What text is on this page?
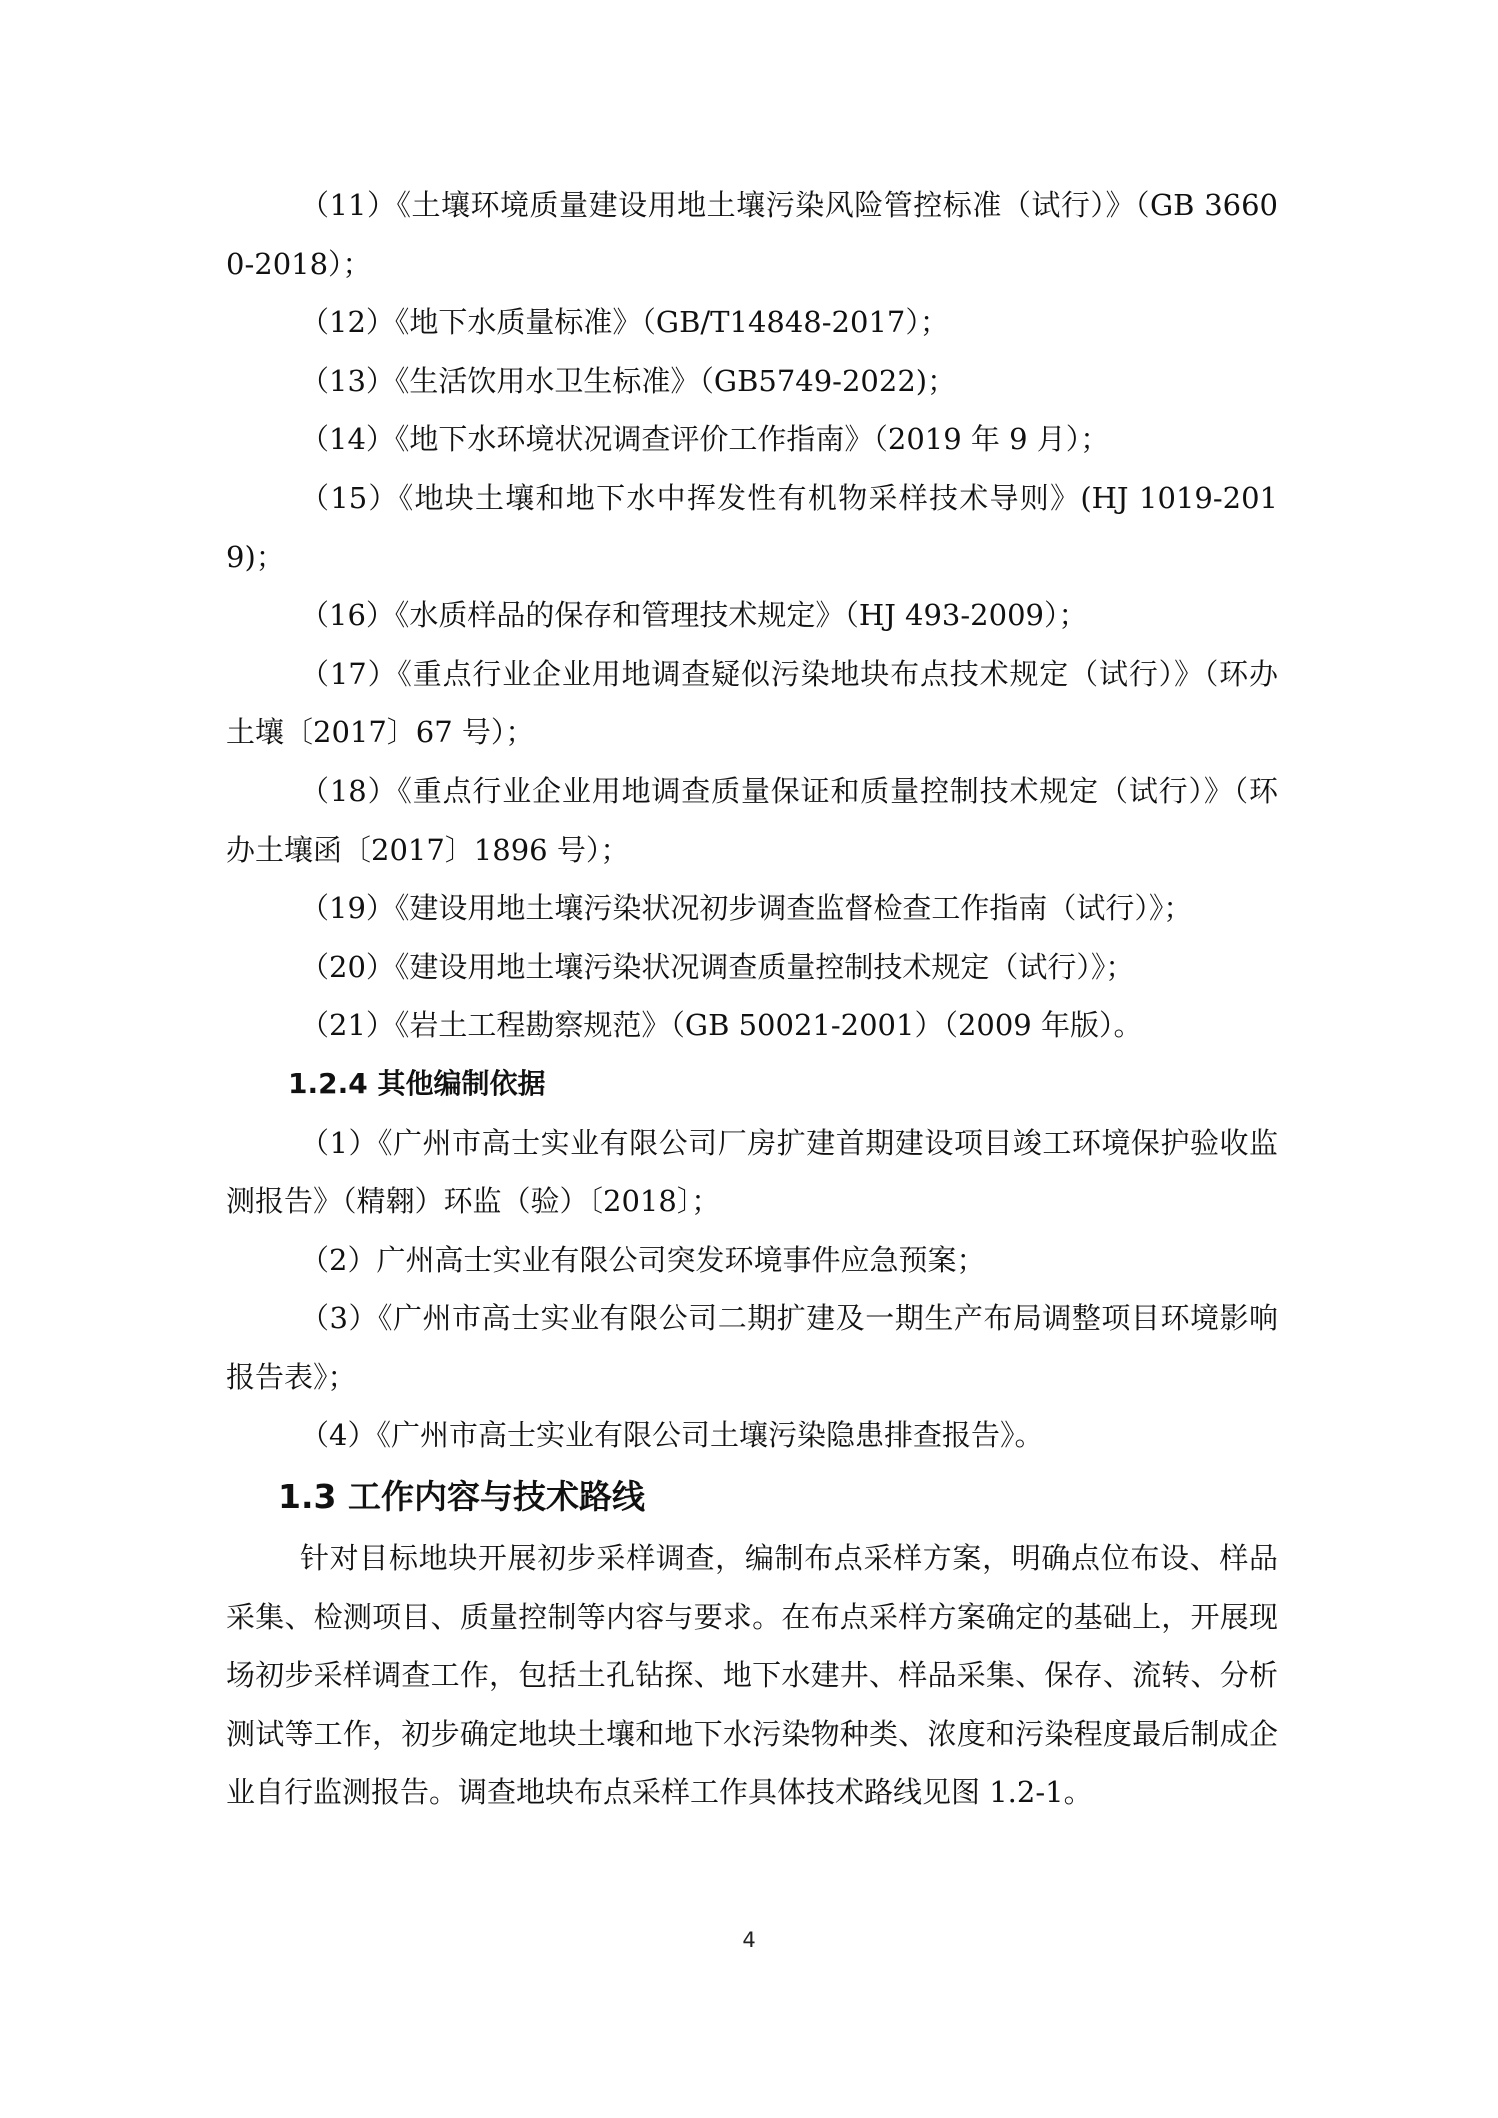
（11）《土壤环境质量建设用地土壤污染风险管控标准（试行）》（GB 36600-2018）；

（12）《地下水质量标准》（GB/T14848-2017）；

（13）《生活饮用水卫生标准》（GB5749-2022)；

（14）《地下水环境状况调查评价工作指南》（2019 年 9 月）；

（15）《地块土壤和地下水中挥发性有机物采样技术导则》(HJ 1019-2019)；

（16）《水质样品的保存和管理技术规定》（HJ 493-2009）；

（17）《重点行业企业用地调查疑似污染地块布点技术规定（试行）》（环办土壤〔2017〕67 号）；

（18）《重点行业企业用地调查质量保证和质量控制技术规定（试行）》（环办土壤函〔2017〕1896 号）；

（19）《建设用地土壤污染状况初步调查监督检查工作指南（试行）》；

（20）《建设用地土壤污染状况调查质量控制技术规定（试行）》；

（21）《岩土工程勘察规范》（GB 50021-2001）（2009 年版）。

1.2.4 其他编制依据

（1）《广州市高士实业有限公司厂房扩建首期建设项目竣工环境保护验收监测报告》（精翱）环监（验）〔2018〕；

（2）广州高士实业有限公司突发环境事件应急预案；

（3）《广州市高士实业有限公司二期扩建及一期生产布局调整项目环境影响报告表》；

（4）《广州市高士实业有限公司土壤污染隐患排查报告》。

1.3 工作内容与技术路线

针对目标地块开展初步采样调查，编制布点采样方案，明确点位布设、样品采集、检测项目、质量控制等内容与要求。在布点采样方案确定的基础上，开展现场初步采样调查工作，包括土孔钻探、地下水建井、样品采集、保存、流转、分析测试等工作，初步确定地块土壤和地下水污染物种类、浓度和污染程度最后制成企业自行监测报告。调查地块布点采样工作具体技术路线见图 1.2-1。

4
